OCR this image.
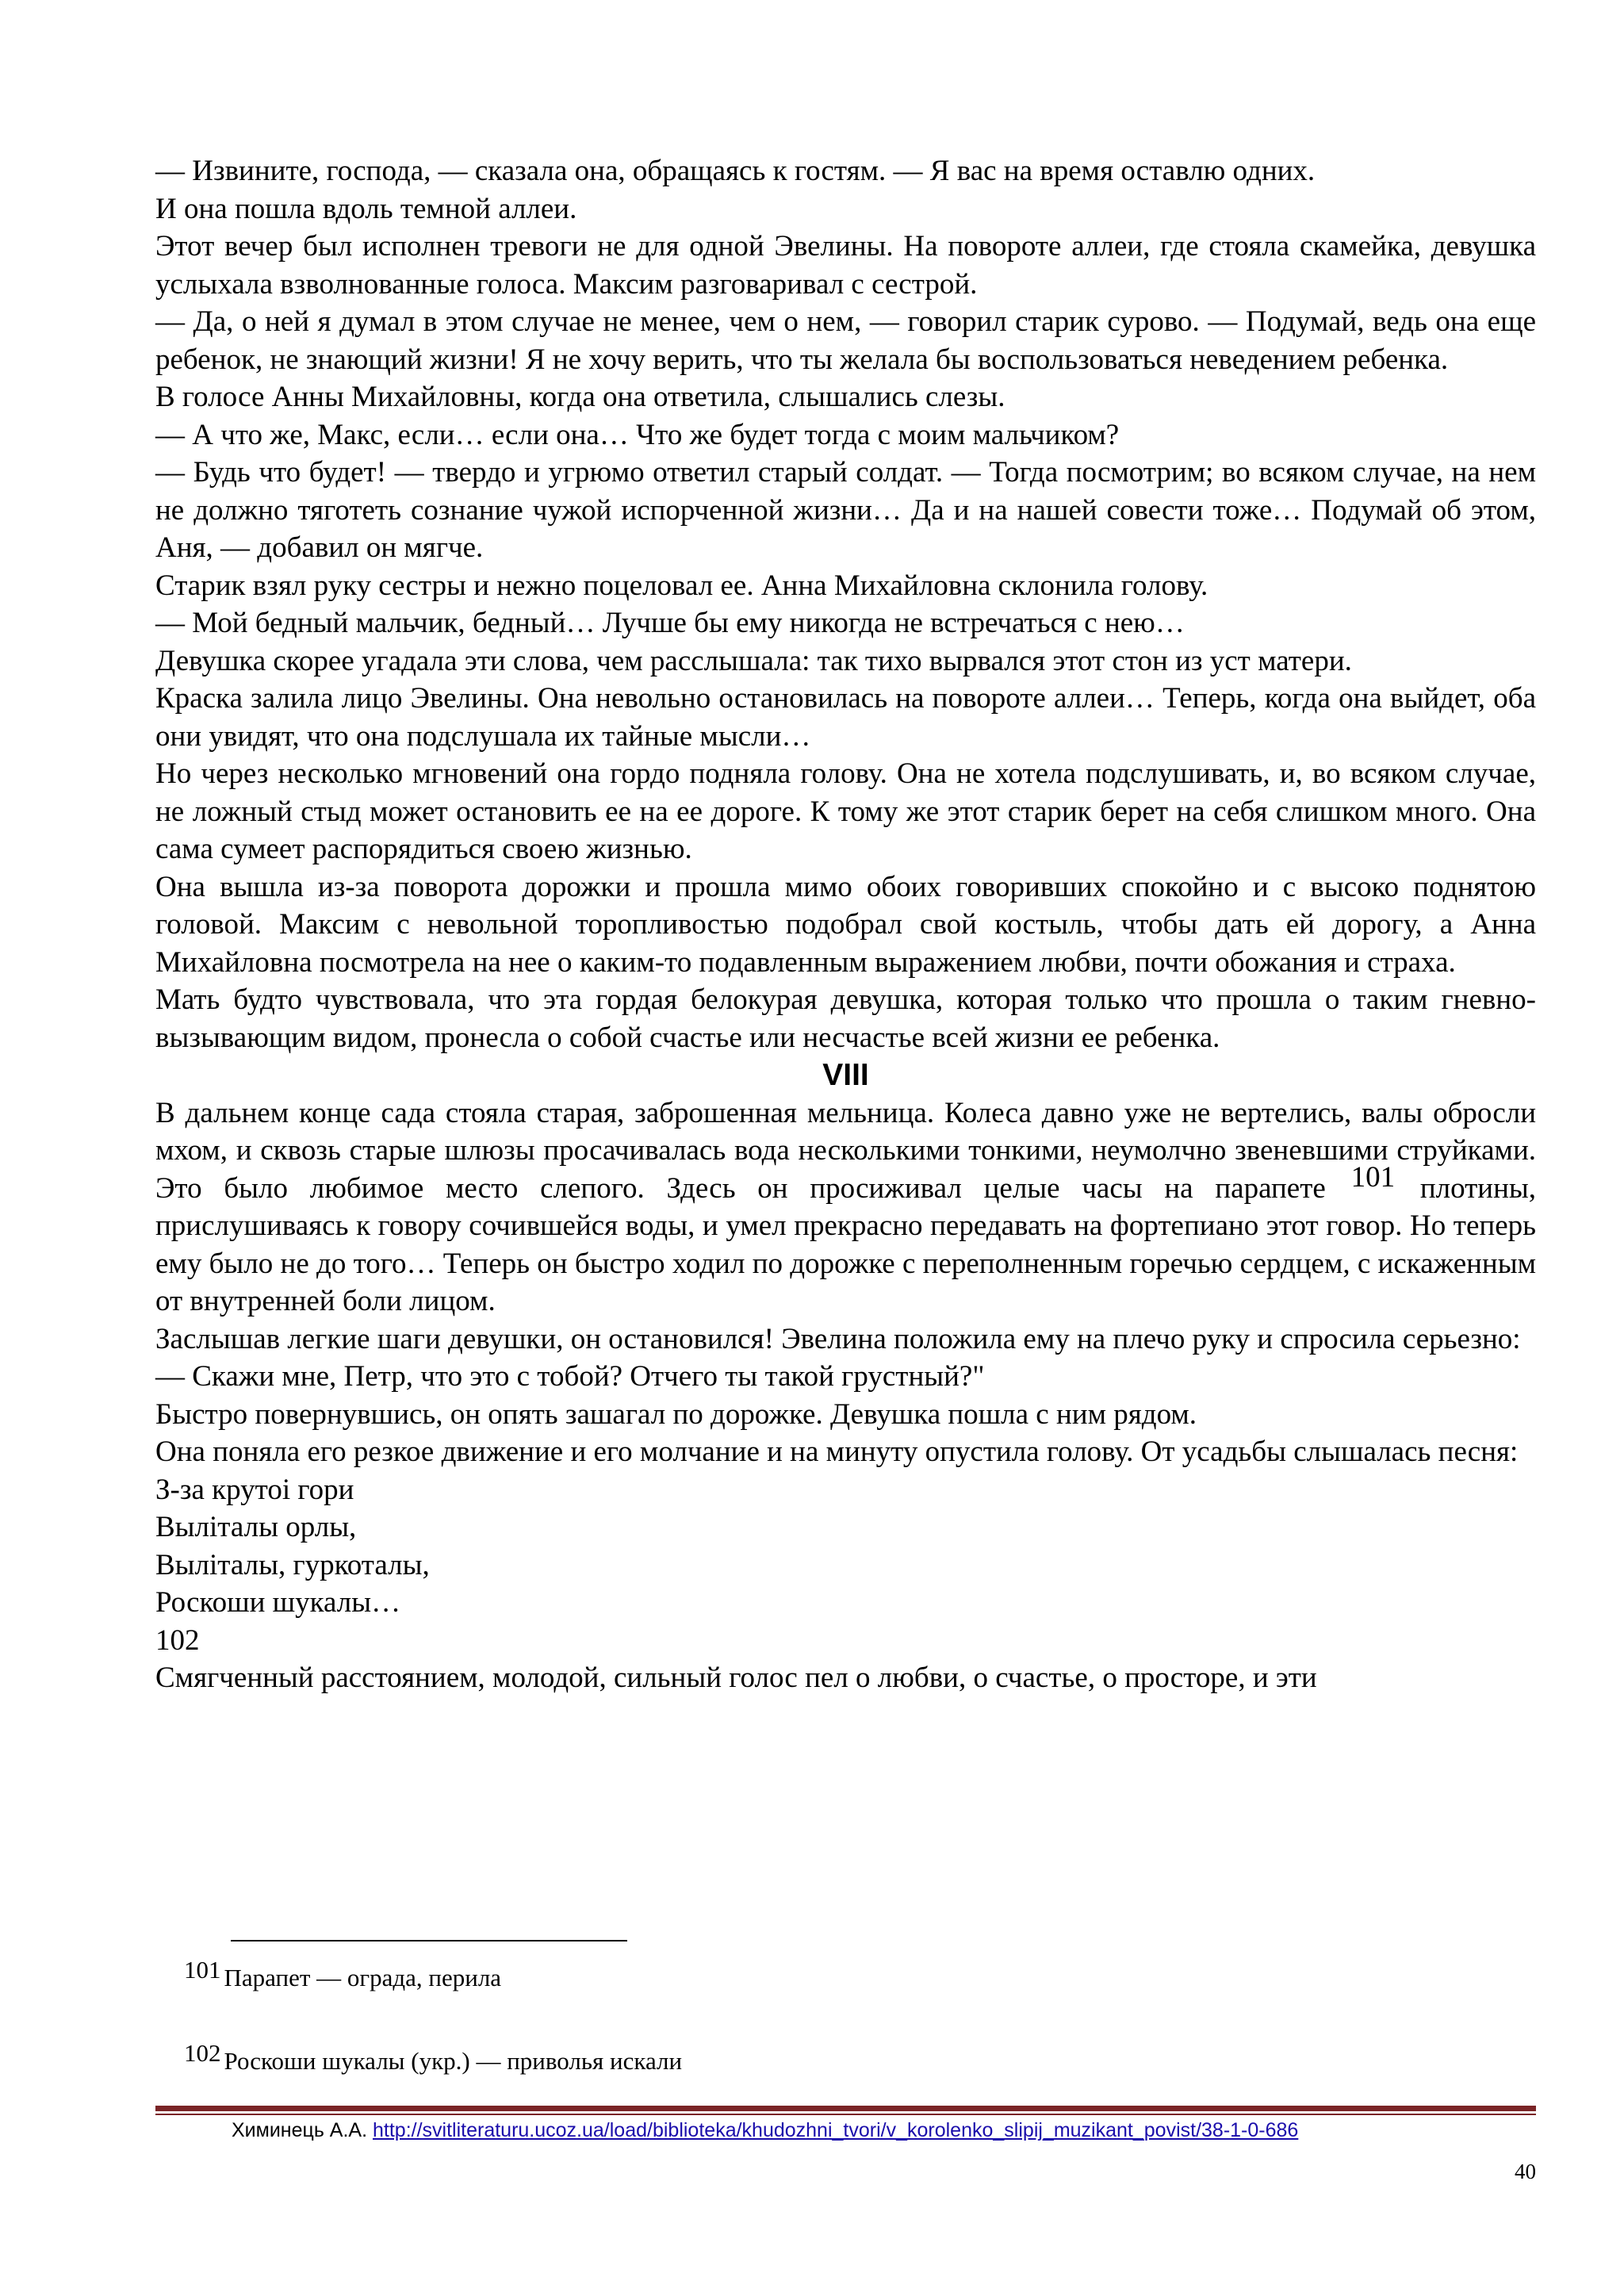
— Извините, господа, — сказала она, обращаясь к гостям. — Я вас на время оставлю одних.

И она пошла вдоль темной аллеи.

Этот вечер был исполнен тревоги не для одной Эвелины. На повороте аллеи, где стояла скамейка, девушка услыхала взволнованные голоса. Максим разговаривал с сестрой.

— Да, о ней я думал в этом случае не менее, чем о нем, — говорил старик сурово. — Подумай, ведь она еще ребенок, не знающий жизни! Я не хочу верить, что ты желала бы воспользоваться неведением ребенка.

В голосе Анны Михайловны, когда она ответила, слышались слезы.

— А что же, Макс, если… если она… Что же будет тогда с моим мальчиком?

— Будь что будет! — твердо и угрюмо ответил старый солдат. — Тогда посмотрим; во всяком случае, на нем не должно тяготеть сознание чужой испорченной жизни… Да и на нашей совести тоже… Подумай об этом, Аня, — добавил он мягче.

Старик взял руку сестры и нежно поцеловал ее. Анна Михайловна склонила голову.

— Мой бедный мальчик, бедный… Лучше бы ему никогда не встречаться с нею…

Девушка скорее угадала эти слова, чем расслышала: так тихо вырвался этот стон из уст матери.

Краска залила лицо Эвелины. Она невольно остановилась на повороте аллеи… Теперь, когда она выйдет, оба они увидят, что она подслушала их тайные мысли…

Но через несколько мгновений она гордо подняла голову. Она не хотела подслушивать, и, во всяком случае, не ложный стыд может остановить ее на ее дороге. К тому же этот старик берет на себя слишком много. Она сама сумеет распорядиться своею жизнью.

Она вышла из-за поворота дорожки и прошла мимо обоих говоривших спокойно и с высоко поднятою головой. Максим с невольной торопливостью подобрал свой костыль, чтобы дать ей дорогу, а Анна Михайловна посмотрела на нее о каким-то подавленным выражением любви, почти обожания и страха.

Мать будто чувствовала, что эта гордая белокурая девушка, которая только что прошла о таким гневно-вызывающим видом, пронесла о собой счастье или несчастье всей жизни ее ребенка.

VIII

В дальнем конце сада стояла старая, заброшенная мельница. Колеса давно уже не вертелись, валы обросли мхом, и сквозь старые шлюзы просачивалась вода несколькими тонкими, неумолчно звеневшими струйками. Это было любимое место слепого. Здесь он просиживал целые часы на парапете 101 плотины, прислушиваясь к говору сочившейся воды, и умел прекрасно передавать на фортепиано этот говор. Но теперь ему было не до того… Теперь он быстро ходил по дорожке с переполненным горечью сердцем, с искаженным от внутренней боли лицом.

Заслышав легкие шаги девушки, он остановился! Эвелина положила ему на плечо руку и спросила серьезно:

— Скажи мне, Петр, что это с тобой? Отчего ты такой грустный?"

Быстро повернувшись, он опять зашагал по дорожке. Девушка пошла с ним рядом.

Она поняла его резкое движение и его молчание и на минуту опустила голову. От усадьбы слышалась песня:

З-за крутоі гори

Вылiталы орлы,

Вылiталы, гуркоталы,

Роскоши шукалы…

102

Смягченный расстоянием, молодой, сильный голос пел о любви, о счастье, о просторе, и эти

101 Парапет — ограда, перила
102 Роскоши шукалы (укр.) — приволья искали
Химинець А.А. http://svitliteraturu.ucoz.ua/load/biblioteka/khudozhni_tvori/v_korolenko_slipij_muzikant_povist/38-1-0-686
40
